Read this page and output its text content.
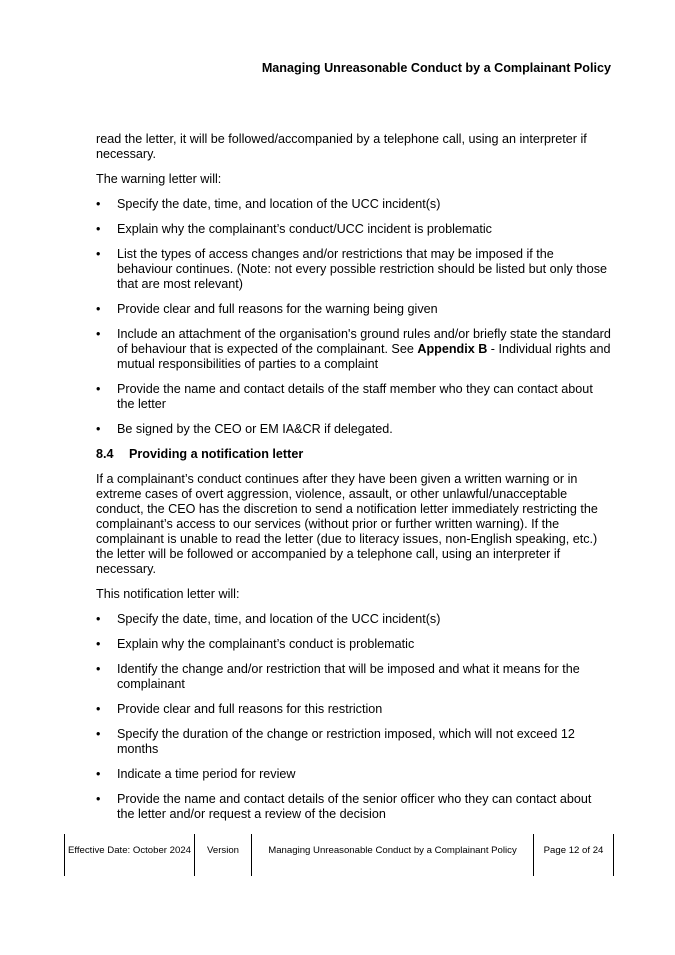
Managing Unreasonable Conduct by a Complainant Policy

read the letter, it will be followed/accompanied by a telephone call, using an interpreter if necessary.

The warning letter will:

• Specify the date, time, and location of the UCC incident(s)
• Explain why the complainant’s conduct/UCC incident is problematic
• List the types of access changes and/or restrictions that may be imposed if the behaviour continues. (Note: not every possible restriction should be listed but only those that are most relevant)
• Provide clear and full reasons for the warning being given
• Include an attachment of the organisation's ground rules and/or briefly state the standard of behaviour that is expected of the complainant. See Appendix B - Individual rights and mutual responsibilities of parties to a complaint
• Provide the name and contact details of the staff member who they can contact about the letter
• Be signed by the CEO or EM IA&CR if delegated.
8.4	Providing a notification letter

If a complainant’s conduct continues after they have been given a written warning or in extreme cases of overt aggression, violence, assault, or other unlawful/unacceptable conduct, the CEO has the discretion to send a notification letter immediately restricting the complainant’s access to our services (without prior or further written warning). If the complainant is unable to read the letter (due to literacy issues, non-English speaking, etc.) the letter will be followed or accompanied by a telephone call, using an interpreter if necessary.

This notification letter will:

• Specify the date, time, and location of the UCC incident(s)
• Explain why the complainant’s conduct is problematic
• Identify the change and/or restriction that will be imposed and what it means for the complainant
• Provide clear and full reasons for this restriction
• Specify the duration of the change or restriction imposed, which will not exceed 12 months
• Indicate a time period for review
• Provide the name and contact details of the senior officer who they can contact about the letter and/or request a review of the decision
Effective Date: October 2024	Version	Managing Unreasonable Conduct by a Complainant Policy	Page 12 of 24
